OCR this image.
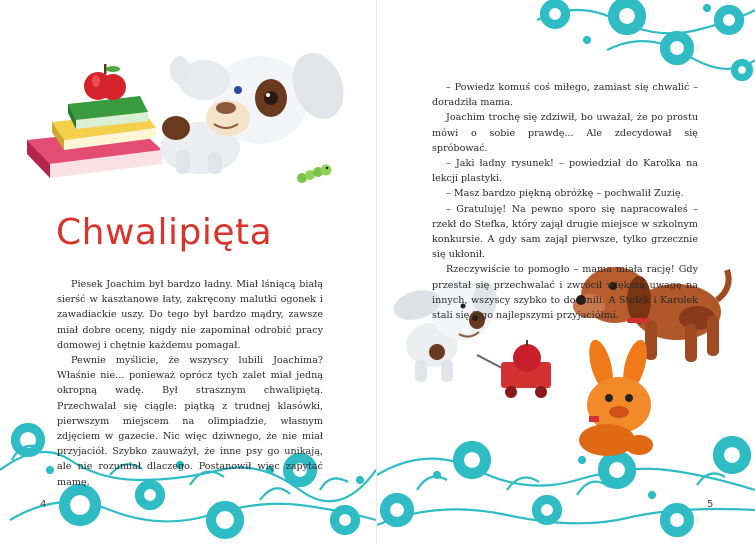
Chwalipięta

Piesek Joachim był bardzo ładny. Miał lśniącą białą sierść w kasztanowe łaty, zakręcony malutki ogonek i zawadiackie uszy. Do tego był bardzo mądry, zawsze miał dobre oceny, nigdy nie zapominał odrobić pracy domowej i chętnie każdemu pomagał.

Pewnie myślicie, że wszyscy lubili Joachima? Właśnie nie... ponieważ oprócz tych zalet miał jedną okropną wadę. Był strasznym chwalipiętą. Przechwalał się ciągle: piątką z trudnej klasówki, pierwszym miejscem na olimpiadzie, własnym zdjęciem w gazecie. Nic więc dziwnego, że nie miał przyjaciół. Szybko zauważył, że inne psy go unikają, ale nie rozumiał dlaczego. Postanowił więc zapytać mamę.

4

– Powiedz komuś coś miłego, zamiast się chwalić – doradziła mama.

Joachim trochę się zdziwił, bo uważał, że po prostu mówi o sobie prawdę... Ale zdecydował się spróbować.

– Jaki ładny rysunek! – powiedział do Karolka na lekcji plastyki.

– Masz bardzo piękną obróżkę – pochwalił Zuzię.

– Gratuluję! Na pewno sporo się napracowałeś – rzekł do Stefka, który zajął drugie miejsce w szkolnym konkursie. A gdy sam zajął pierwsze, tylko grzecznie się ukłonił.

Rzeczywiście to pomogło – mama miała rację! Gdy przestał się przechwalać i zwrócił większą uwagę na innych, wszyscy szybko to docenili. A Stefek i Karolek stali się jego najlepszymi przyjaciółmi.

5
